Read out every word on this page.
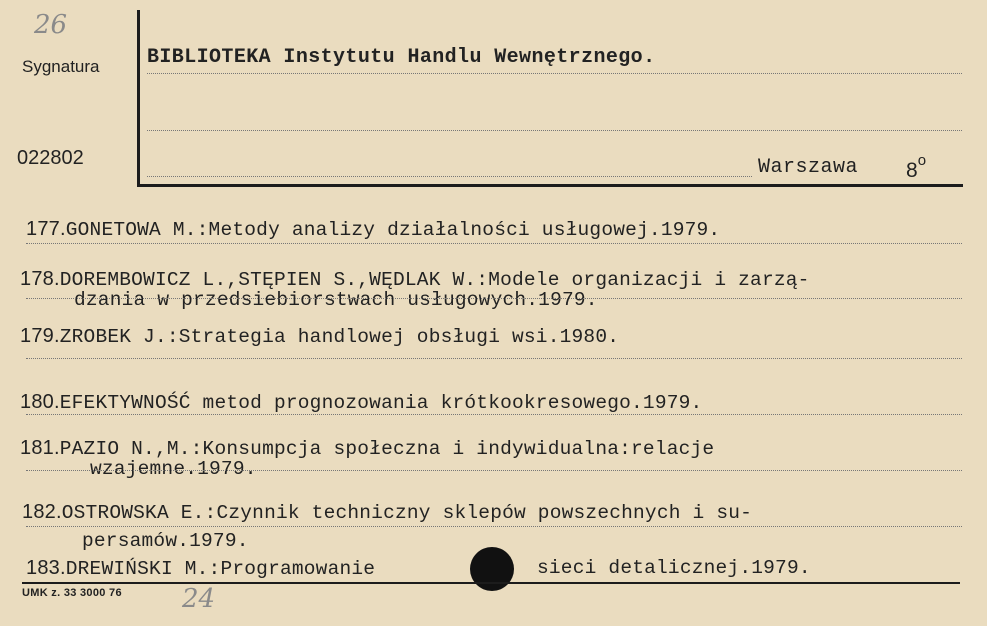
26
Sygnatura
022802
BIBLIOTEKA Instytutu Handlu Wewnętrznego.
Warszawa 8$^o$
177.GONETOWA M.:Metody analizy działalności usługowej.1979.
178.DOREMBOWICZ L.,STĘPIEN S.,WĘDLAK W.:Modele organizacji i zarzą-
dzania w przedsiebiorstwach usługowych.1979.
179.ZROBEK J.:Strategia handlowej obsługi wsi.1980.
180.EFEKTYWNOŚĆ metod prognozowania krótkookresowego.1979.
181.PAZIO N.,M.:Konsumpcja społeczna i indywidualna:relacje
wzajemne.1979.
182.OSTROWSKA E.:Czynnik techniczny sklepów powszechnych i su-
persamów.1979.
183.DREWIŃSKI M.:Programowanie	sieci detalicznej.1979.
UMK z. 33 3000 76 24
